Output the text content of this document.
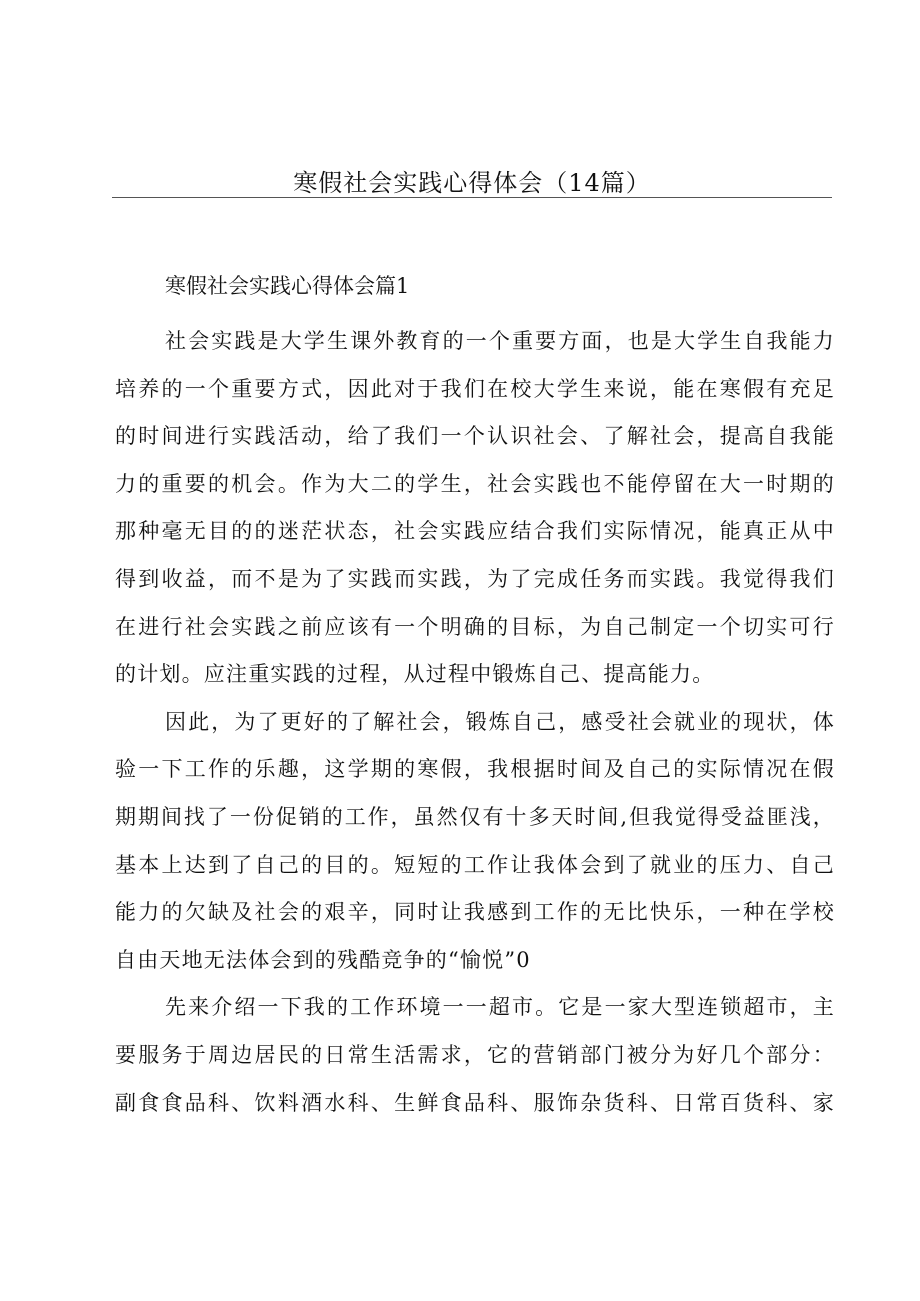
寒假社会实践心得体会（14篇）
寒假社会实践心得体会篇1
社会实践是大学生课外教育的一个重要方面，也是大学生自我能力
培养的一个重要方式，因此对于我们在校大学生来说，能在寒假有充足
的时间进行实践活动，给了我们一个认识社会、了解社会，提高自我能
力的重要的机会。作为大二的学生，社会实践也不能停留在大一时期的
那种毫无目的的迷茫状态，社会实践应结合我们实际情况，能真正从中
得到收益，而不是为了实践而实践，为了完成任务而实践。我觉得我们
在进行社会实践之前应该有一个明确的目标，为自己制定一个切实可行
的计划。应注重实践的过程，从过程中锻炼自己、提高能力。
因此，为了更好的了解社会，锻炼自己，感受社会就业的现状，体
验一下工作的乐趣，这学期的寒假，我根据时间及自己的实际情况在假
期期间找了一份促销的工作，虽然仅有十多天时间,但我觉得受益匪浅，
基本上达到了自己的目的。短短的工作让我体会到了就业的压力、自己
能力的欠缺及社会的艰辛，同时让我感到工作的无比快乐，一种在学校
自由天地无法体会到的残酷竞争的“愉悦”0
先来介绍一下我的工作环境一一超市。它是一家大型连锁超市，主
要服务于周边居民的日常生活需求，它的营销部门被分为好几个部分：
副食食品科、饮料酒水科、生鲜食品科、服饰杂货科、日常百货科、家
